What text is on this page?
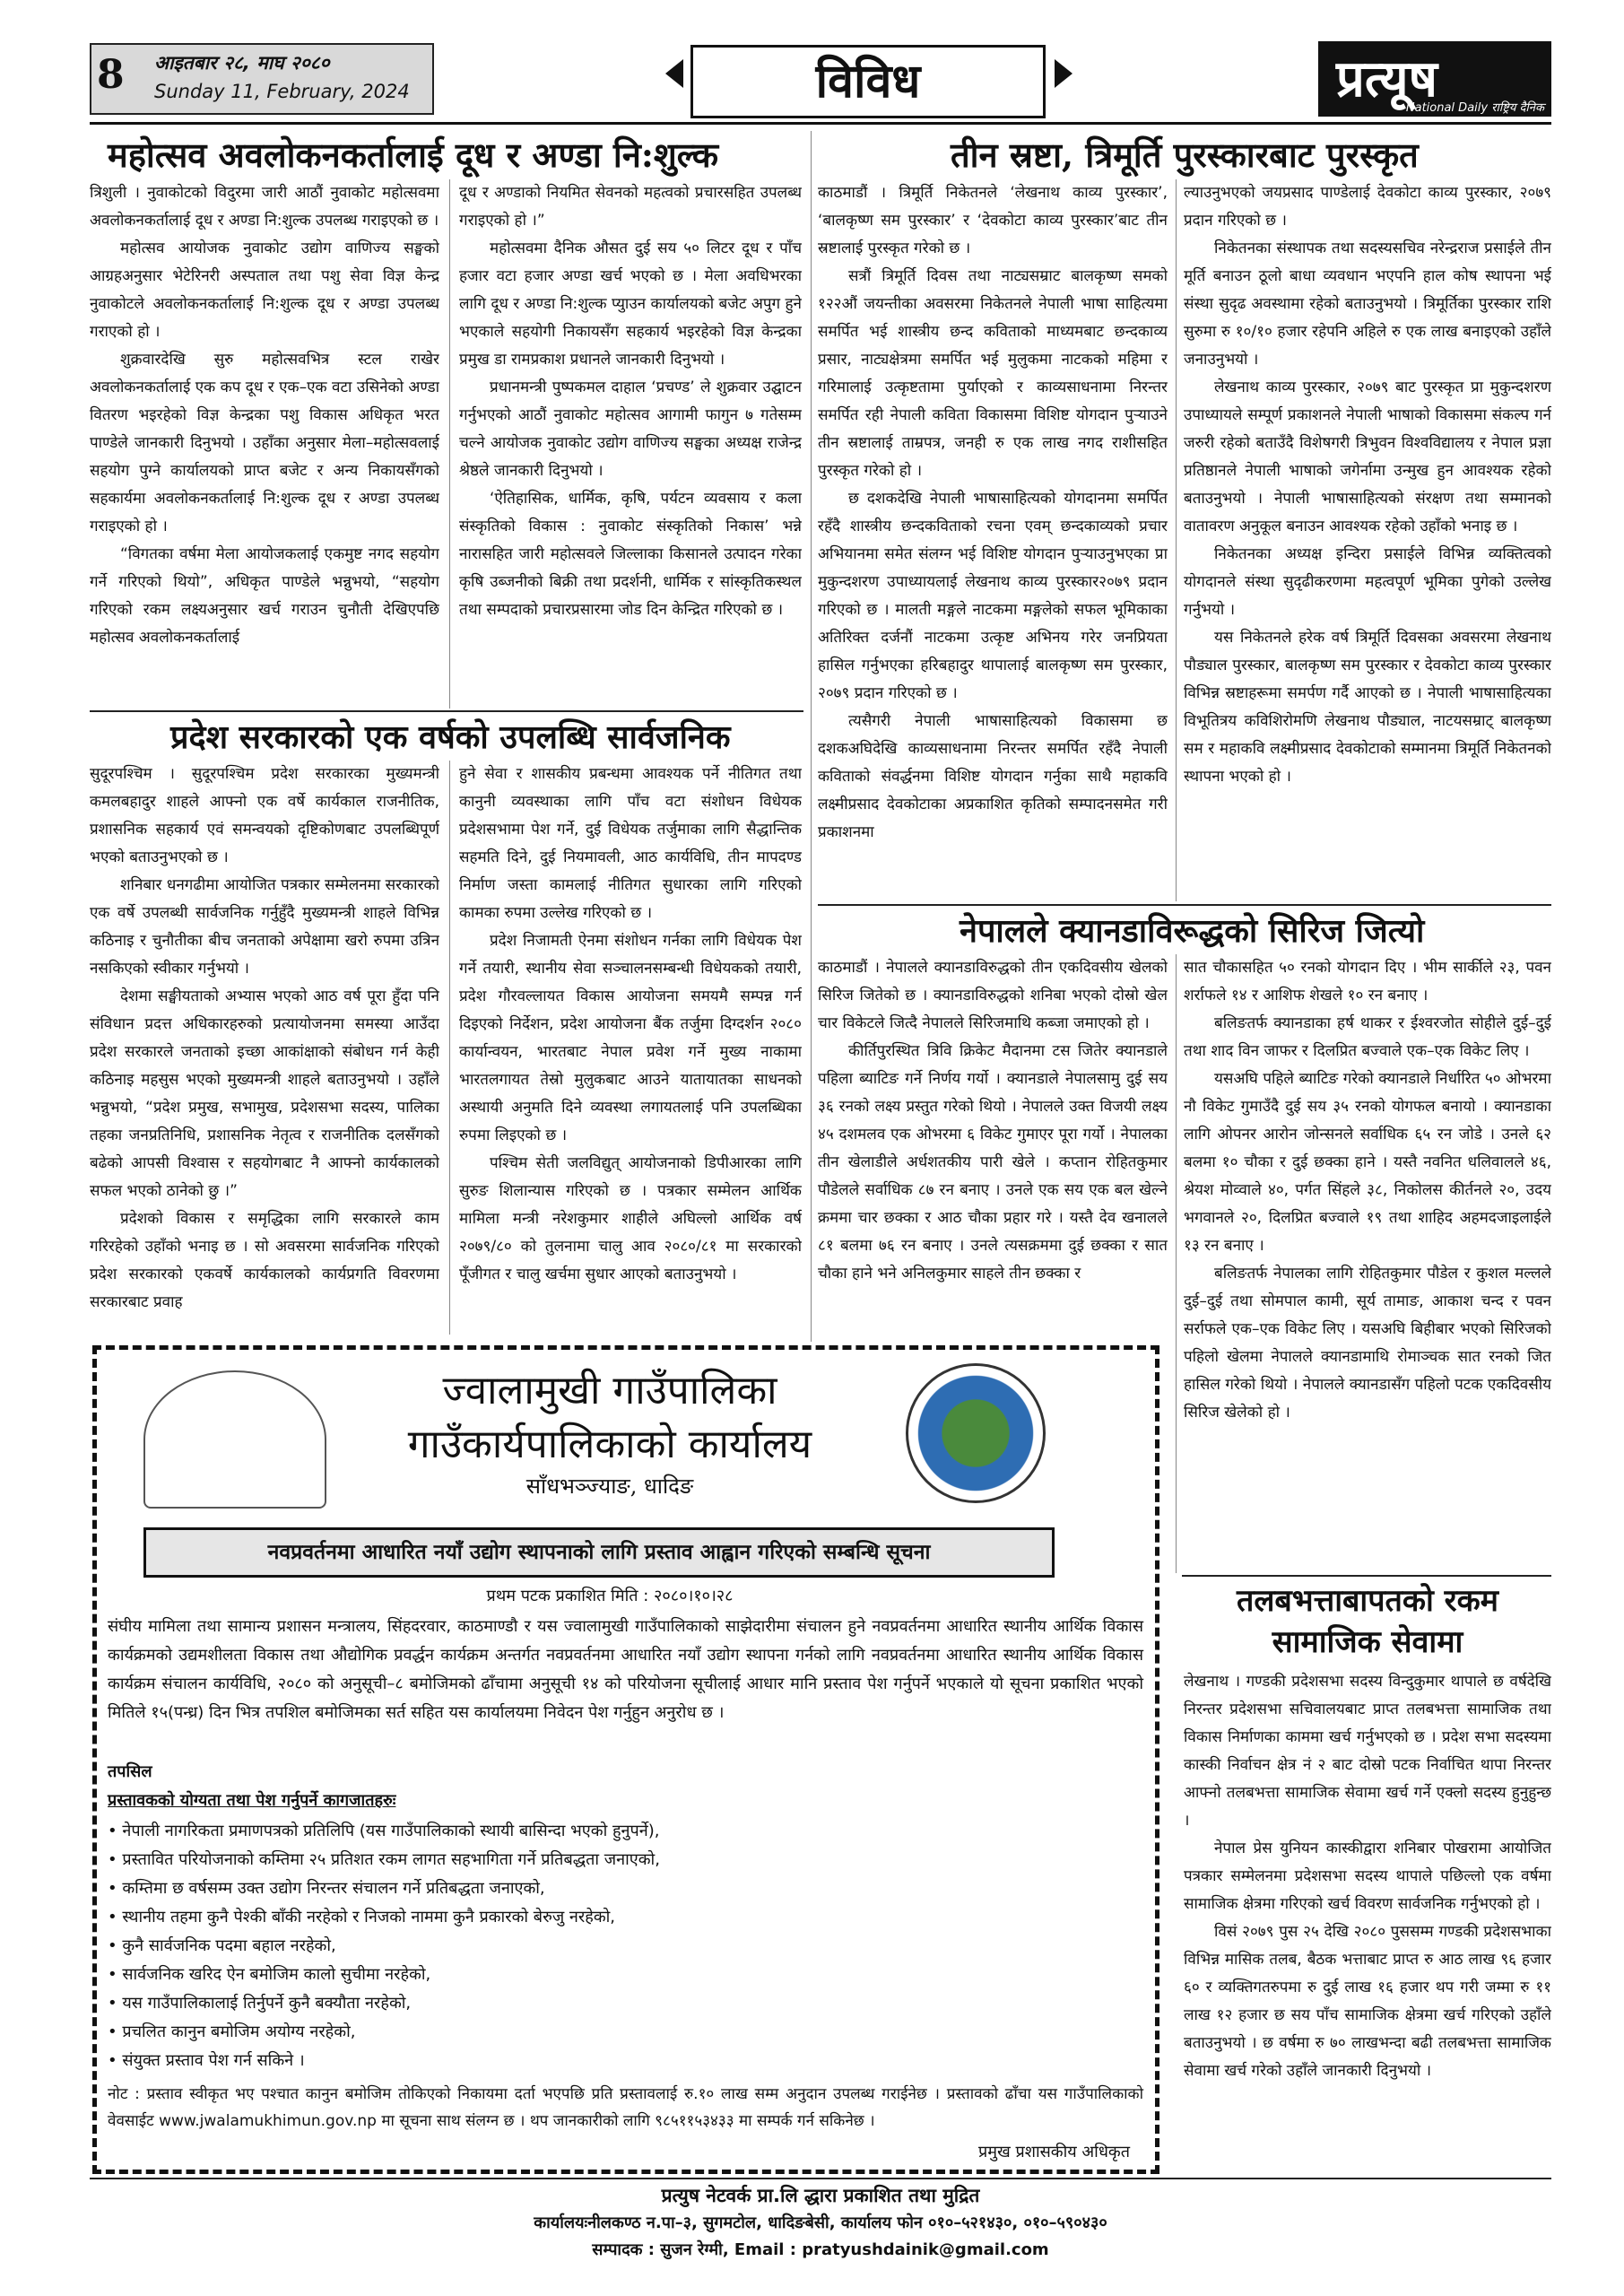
8 आइतबार २८, माघ २०८०
Sunday 11, February, 2024	विविध	प्रत्यूष
National Daily राष्ट्रिय दैनिक
महोत्सव अवलोकनकर्तालाई दूध र अण्डा नि:शुल्क

त्रिशुली । नुवाकोटको विदुरमा जारी आठौं नुवाकोट महोत्सवमा अवलोकनकर्तालाई दूध र अण्डा नि:शुल्क उपलब्ध गराइएको छ ।

महोत्सव आयोजक नुवाकोट उद्योग वाणिज्य सङ्घको आग्रहअनुसार भेटेरिनरी अस्पताल तथा पशु सेवा विज्ञ केन्द्र नुवाकोटले अवलोकनकर्तालाई नि:शुल्क दूध र अण्डा उपलब्ध गराएको हो ।

शुक्रवारदेखि सुरु महोत्सवभित्र स्टल राखेर अवलोकनकर्तालाई एक कप दूध र एक–एक वटा उसिनेको अण्डा वितरण भइरहेको विज्ञ केन्द्रका पशु विकास अधिकृत भरत पाण्डेले जानकारी दिनुभयो । उहाँका अनुसार मेला–महोत्सवलाई सहयोग पुग्ने कार्यालयको प्राप्त बजेट र अन्य निकायसँगको सहकार्यमा अवलोकनकर्तालाई नि:शुल्क दूध र अण्डा उपलब्ध गराइएको हो ।

“विगतका वर्षमा मेला आयोजकलाई एकमुष्ट नगद सहयोग गर्ने गरिएको थियो”, अधिकृत पाण्डेले भन्नुभयो, “सहयोग गरिएको रकम लक्ष्यअनुसार खर्च गराउन चुनौती देखिएपछि महोत्सव अवलोकनकर्तालाई

दूध र अण्डाको नियमित सेवनको महत्वको प्रचारसहित उपलब्ध गराइएको हो ।”

महोत्सवमा दैनिक औसत दुई सय ५० लिटर दूध र पाँच हजार वटा हजार अण्डा खर्च भएको छ । मेला अवधिभरका लागि दूध र अण्डा नि:शुल्क प्युाउन कार्यालयको बजेट अपुग हुने भएकाले सहयोगी निकायसँग सहकार्य भइरहेको विज्ञ केन्द्रका प्रमुख डा रामप्रकाश प्रधानले जानकारी दिनुभयो ।

प्रधानमन्त्री पुष्पकमल दाहाल ‘प्रचण्ड’ ले शुक्रवार उद्घाटन गर्नुभएको आठौं नुवाकोट महोत्सव आगामी फागुन ७ गतेसम्म चल्ने आयोजक नुवाकोट उद्योग वाणिज्य सङ्घका अध्यक्ष राजेन्द्र श्रेष्ठले जानकारी दिनुभयो ।

‘ऐतिहासिक, धार्मिक, कृषि, पर्यटन व्यवसाय र कला संस्कृतिको विकास : नुवाकोट संस्कृतिको निकास’ भन्ने नारासहित जारी महोत्सवले जिल्लाका किसानले उत्पादन गरेका कृषि उब्जनीको बिक्री तथा प्रदर्शनी, धार्मिक र सांस्कृतिकस्थल तथा सम्पदाको प्रचारप्रसारमा जोड दिन केन्द्रित गरिएको छ ।

प्रदेश सरकारको एक वर्षको उपलब्धि सार्वजनिक

सुदूरपश्चिम । सुदूरपश्चिम प्रदेश सरकारका मुख्यमन्त्री कमलबहादुर शाहले आफ्नो एक वर्षे कार्यकाल राजनीतिक, प्रशासनिक सहकार्य एवं समन्वयको दृष्टिकोणबाट उपलब्धिपूर्ण भएको बताउनुभएको छ ।

शनिबार धनगढीमा आयोजित पत्रकार सम्मेलनमा सरकारको एक वर्षे उपलब्धी सार्वजनिक गर्नुहुँदै मुख्यमन्त्री शाहले विभिन्न कठिनाइ र चुनौतीका बीच जनताको अपेक्षामा खरो रुपमा उत्रिन नसकिएको स्वीकार गर्नुभयो ।

देशमा सङ्घीयताको अभ्यास भएको आठ वर्ष पूरा हुँदा पनि संविधान प्रदत्त अधिकारहरुको प्रत्यायोजनमा समस्या आउँदा प्रदेश सरकारले जनताको इच्छा आकांक्षाको संबोधन गर्न केही कठिनाइ महसुस भएको मुख्यमन्त्री शाहले बताउनुभयो । उहाँले भन्नुभयो, “प्रदेश प्रमुख, सभामुख, प्रदेशसभा सदस्य, पालिका तहका जनप्रतिनिधि, प्रशासनिक नेतृत्व र राजनीतिक दलसँगको बढेको आपसी विश्वास र सहयोगबाट नै आफ्नो कार्यकालको सफल भएको ठानेको छु ।”

प्रदेशको विकास र समृद्धिका लागि सरकारले काम गरिरहेको उहाँको भनाइ छ । सो अवसरमा सार्वजनिक गरिएको प्रदेश सरकारको एकवर्षे कार्यकालको कार्यप्रगति विवरणमा सरकारबाट प्रवाह

हुने सेवा र शासकीय प्रबन्धमा आवश्यक पर्ने नीतिगत तथा कानुनी व्यवस्थाका लागि पाँच वटा संशोधन विधेयक प्रदेशसभामा पेश गर्ने, दुई विधेयक तर्जुमाका लागि सैद्धान्तिक सहमति दिने, दुई नियमावली, आठ कार्यविधि, तीन मापदण्ड निर्माण जस्ता कामलाई नीतिगत सुधारका लागि गरिएको कामका रुपमा उल्लेख गरिएको छ ।

प्रदेश निजामती ऐनमा संशोधन गर्नका लागि विधेयक पेश गर्ने तयारी, स्थानीय सेवा सञ्चालनसम्बन्धी विधेयकको तयारी, प्रदेश गौरवल्लायत विकास आयोजना समयमै सम्पन्न गर्न दिइएको निर्देशन, प्रदेश आयोजना बैंक तर्जुमा दिग्दर्शन २०८० कार्यान्वयन, भारतबाट नेपाल प्रवेश गर्ने मुख्य नाकामा भारतलगायत तेस्रो मुलुकबाट आउने यातायातका साधनको अस्थायी अनुमति दिने व्यवस्था लगायतलाई पनि उपलब्धिका रुपमा लिइएको छ ।

पश्चिम सेती जलविद्युत् आयोजनाको डिपीआरका लागि सुरुङ शिलान्यास गरिएको छ । पत्रकार सम्मेलन आर्थिक मामिला मन्त्री नरेशकुमार शाहीले अघिल्लो आर्थिक वर्ष २०७९/८० को तुलनामा चालु आव २०८०/८१ मा सरकारको पूँजीगत र चालु खर्चमा सुधार आएको बताउनुभयो ।

तीन स्रष्टा, त्रिमूर्ति पुरस्कारबाट पुरस्कृत

काठमाडौं । त्रिमूर्ति निकेतनले ‘लेखनाथ काव्य पुरस्कार’, ‘बालकृष्ण सम पुरस्कार’ र ‘देवकोटा काव्य पुरस्कार’बाट तीन स्रष्टालाई पुरस्कृत गरेको छ ।

सत्रौं त्रिमूर्ति दिवस तथा नाट्यसम्राट बालकृष्ण समको १२२औं जयन्तीका अवसरमा निकेतनले नेपाली भाषा साहित्यमा समर्पित भई शास्त्रीय छन्द कविताको माध्यमबाट छन्दकाव्य प्रसार, नाट्यक्षेत्रमा समर्पित भई मुलुकमा नाटकको महिमा र गरिमालाई उत्कृष्टतामा पुर्याएको र काव्यसाधनामा निरन्तर समर्पित रही नेपाली कविता विकासमा विशिष्ट योगदान पुऱ्याउने तीन स्रष्टालाई ताम्रपत्र, जनही रु एक लाख नगद राशीसहित पुरस्कृत गरेको हो ।

छ दशकदेखि नेपाली भाषासाहित्यको योगदानमा समर्पित रहँदै शास्त्रीय छन्दकविताको रचना एवम् छन्दकाव्यको प्रचार अभियानमा समेत संलग्न भई विशिष्ट योगदान पुऱ्याउनुभएका प्रा मुकुन्दशरण उपाध्यायलाई लेखनाथ काव्य पुरस्कार२०७९ प्रदान गरिएको छ । मालती मङ्गले नाटकमा मङ्गलेको सफल भूमिकाका अतिरिक्त दर्जनौं नाटकमा उत्कृष्ट अभिनय गरेर जनप्रियता हासिल गर्नुभएका हरिबहादुर थापालाई बालकृष्ण सम पुरस्कार, २०७९ प्रदान गरिएको छ ।

त्यसैगरी नेपाली भाषासाहित्यको विकासमा छ दशकअघिदेखि काव्यसाधनामा निरन्तर समर्पित रहँदै नेपाली कविताको संवर्द्धनमा विशिष्ट योगदान गर्नुका साथै महाकवि लक्ष्मीप्रसाद देवकोटाका अप्रकाशित कृतिको सम्पादनसमेत गरी प्रकाशनमा

ल्याउनुभएको जयप्रसाद पाण्डेलाई देवकोटा काव्य पुरस्कार, २०७९ प्रदान गरिएको छ ।

निकेतनका संस्थापक तथा सदस्यसचिव नरेन्द्रराज प्रसाईले तीन मूर्ति बनाउन ठूलो बाधा व्यवधान भएपनि हाल कोष स्थापना भई संस्था सुदृढ अवस्थामा रहेको बताउनुभयो । त्रिमूर्तिका पुरस्कार राशि सुरुमा रु १०/१० हजार रहेपनि अहिले रु एक लाख बनाइएको उहाँले जनाउनुभयो ।

लेखनाथ काव्य पुरस्कार, २०७९ बाट पुरस्कृत प्रा मुकुन्दशरण उपाध्यायले सम्पूर्ण प्रकाशनले नेपाली भाषाको विकासमा संकल्प गर्न जरुरी रहेको बताउँदै विशेषगरी त्रिभुवन विश्वविद्यालय र नेपाल प्रज्ञा प्रतिष्ठानले नेपाली भाषाको जगेर्नामा उन्मुख हुन आवश्यक रहेको बताउनुभयो । नेपाली भाषासाहित्यको संरक्षण तथा सम्मानको वातावरण अनुकूल बनाउन आवश्यक रहेको उहाँको भनाइ छ ।

निकेतनका अध्यक्ष इन्दिरा प्रसाईले विभिन्न व्यक्तित्वको योगदानले संस्था सुदृढीकरणमा महत्वपूर्ण भूमिका पुगेको उल्लेख गर्नुभयो ।

यस निकेतनले हरेक वर्ष त्रिमूर्ति दिवसका अवसरमा लेखनाथ पौड्याल पुरस्कार, बालकृष्ण सम पुरस्कार र देवकोटा काव्य पुरस्कार विभिन्न स्रष्टाहरूमा समर्पण गर्दै आएको छ । नेपाली भाषासाहित्यका विभूतित्रय कविशिरोमणि लेखनाथ पौड्याल, नाटयसम्राट् बालकृष्ण सम र महाकवि लक्ष्मीप्रसाद देवकोटाको सम्मानमा त्रिमूर्ति निकेतनको स्थापना भएको हो ।

नेपालले क्यानडाविरूद्धको सिरिज जित्यो

काठमाडौं । नेपालले क्यानडाविरुद्धको तीन एकदिवसीय खेलको सिरिज जितेको छ । क्यानडाविरुद्धको शनिबा भएको दोस्रो खेल चार विकेटले जित्दै नेपालले सिरिजमाथि कब्जा जमाएको हो ।

कीर्तिपुरस्थित त्रिवि क्रिकेट मैदानमा टस जितेर क्यानडाले पहिला ब्याटिङ गर्ने निर्णय गर्यो । क्यानडाले नेपालसामु दुई सय ३६ रनको लक्ष्य प्रस्तुत गरेको थियो । नेपालले उक्त विजयी लक्ष्य ४५ दशमलव एक ओभरमा ६ विकेट गुमाएर पूरा गर्यो । नेपालका तीन खेलाडीले अर्धशतकीय पारी खेले । कप्तान रोहितकुमार पौडेलले सर्वाधिक ८७ रन बनाए । उनले एक सय एक बल खेल्ने क्रममा चार छक्का र आठ चौका प्रहार गरे । यस्तै देव खनालले ८१ बलमा ७६ रन बनाए । उनले त्यसक्रममा दुई छक्का र सात चौका हाने भने अनिलकुमार साहले तीन छक्का र

सात चौकासहित ५० रनको योगदान दिए । भीम सार्कीले २३, पवन शर्राफले १४ र आशिफ शेखले १० रन बनाए ।

बलिङतर्फ क्यानडाका हर्ष थाकर र ईश्वरजोत सोहीले दुई–दुई तथा शाद विन जाफर र दिलप्रित बज्वाले एक–एक विकेट लिए ।

यसअघि पहिले ब्याटिङ गरेको क्यानडाले निर्धारित ५० ओभरमा नौ विकेट गुमाउँदै दुई सय ३५ रनको योगफल बनायो । क्यानडाका लागि ओपनर आरोन जोन्सनले सर्वाधिक ६५ रन जोडे । उनले ६२ बलमा १० चौका र दुई छक्का हाने । यस्तै नवनित धलिवालले ४६, श्रेयश मोव्वाले ४०, पर्गत सिंहले ३८, निकोलस कीर्तनले २०, उदय भगवानले २०, दिलप्रित बज्वाले १९ तथा शाहिद अहमदजाइलाईले १३ रन बनाए ।

बलिङतर्फ नेपालका लागि रोहितकुमार पौडेल र कुशल मल्लले दुई–दुई तथा सोमपाल कामी, सूर्य तामाङ, आकाश चन्द र पवन सर्राफले एक–एक विकेट लिए । यसअघि बिहीबार भएको सिरिजको पहिलो खेलमा नेपालले क्यानडामाथि रोमाञ्चक सात रनको जित हासिल गरेको थियो । नेपालले क्यानडासँग पहिलो पटक एकदिवसीय सिरिज खेलेको हो ।

तलबभत्ताबापतको रकम
सामाजिक सेवामा

लेखनाथ । गण्डकी प्रदेशसभा सदस्य विन्दुकुमार थापाले छ वर्षदेखि निरन्तर प्रदेशसभा सचिवालयबाट प्राप्त तलबभत्ता सामाजिक तथा विकास निर्माणका काममा खर्च गर्नुभएको छ । प्रदेश सभा सदस्यमा कास्की निर्वाचन क्षेत्र नं २ बाट दोस्रो पटक निर्वाचित थापा निरन्तर आफ्नो तलबभत्ता सामाजिक सेवामा खर्च गर्ने एक्लो सदस्य हुनुहुन्छ ।

नेपाल प्रेस युनियन कास्कीद्वारा शनिबार पोखरामा आयोजित पत्रकार सम्मेलनमा प्रदेशसभा सदस्य थापाले पछिल्लो एक वर्षमा सामाजिक क्षेत्रमा गरिएको खर्च विवरण सार्वजनिक गर्नुभएको हो ।

विसं २०७९ पुस २५ देखि २०८० पुससम्म गण्डकी प्रदेशसभाका विभिन्न मासिक तलब, बैठक भत्ताबाट प्राप्त रु आठ लाख ९६ हजार ६० र व्यक्तिगतरुपमा रु दुई लाख १६ हजार थप गरी जम्मा रु ११ लाख १२ हजार छ सय पाँच सामाजिक क्षेत्रमा खर्च गरिएको उहाँले बताउनुभयो । छ वर्षमा रु ७० लाखभन्दा बढी तलबभत्ता सामाजिक सेवामा खर्च गरेको उहाँले जानकारी दिनुभयो ।

ज्वालामुखी गाउँपालिका
गाउँकार्यपालिकाको कार्यालय
साँधभञ्ज्याङ, धादिङ
नवप्रवर्तनमा आधारित नयाँ उद्योग स्थापनाको लागि प्रस्ताव आह्वान गरिएको सम्बन्धि सूचना
प्रथम पटक प्रकाशित मिति : २०८०।१०।२८
संघीय मामिला तथा सामान्य प्रशासन मन्त्रालय, सिंहदरवार, काठमाण्डौ र यस ज्वालामुखी गाउँपालिकाको साझेदारीमा संचालन हुने नवप्रवर्तनमा आधारित स्थानीय आर्थिक विकास कार्यक्रमको उद्यमशीलता विकास तथा औद्योगिक प्रवर्द्धन कार्यक्रम अन्तर्गत नवप्रवर्तनमा आधारित नयाँ उद्योग स्थापना गर्नको लागि नवप्रवर्तनमा आधारित स्थानीय आर्थिक विकास कार्यक्रम संचालन कार्यविधि, २०८० को अनुसूची–८ बमोजिमको ढाँचामा अनुसूची १४ को परियोजना सूचीलाई आधार मानि प्रस्ताव पेश गर्नुपर्ने भएकाले यो सूचना प्रकाशित भएको मितिले १५(पन्ध्र) दिन भित्र तपशिल बमोजिमका सर्त सहित यस कार्यालयमा निवेदन पेश गर्नुहुन अनुरोध छ ।
तपसिल
प्रस्तावकको योग्यता तथा पेश गर्नुपर्ने कागजातहरुः
• नेपाली नागरिकता प्रमाणपत्रको प्रतिलिपि (यस गाउँपालिकाको स्थायी बासिन्दा भएको हुनुपर्ने),
• प्रस्तावित परियोजनाको कम्तिमा २५ प्रतिशत रकम लागत सहभागिता गर्ने प्रतिबद्धता जनाएको,
• कम्तिमा छ वर्षसम्म उक्त उद्योग निरन्तर संचालन गर्ने प्रतिबद्धता जनाएको,
• स्थानीय तहमा कुनै पेश्की बाँकी नरहेको र निजको नाममा कुनै प्रकारको बेरुजु नरहेको,
• कुनै सार्वजनिक पदमा बहाल नरहेको,
• सार्वजनिक खरिद ऐन बमोजिम कालो सुचीमा नरहेको,
• यस गाउँपालिकालाई तिर्नुपर्ने कुनै बक्यौता नरहेको,
• प्रचलित कानुन बमोजिम अयोग्य नरहेको,
• संयुक्त प्रस्ताव पेश गर्न सकिने ।
नोट : प्रस्ताव स्वीकृत भए पश्चात कानुन बमोजिम तोकिएको निकायमा दर्ता भएपछि प्रति प्रस्तावलाई रु.१० लाख सम्म अनुदान उपलब्ध गराईनेछ । प्रस्तावको ढाँचा यस गाउँपालिकाको वेवसाईट www.jwalamukhimun.gov.np मा सूचना साथ संलग्न छ । थप जानकारीको लागि ९८५११५३४३३ मा सम्पर्क गर्न सकिनेछ ।
प्रमुख प्रशासकीय अधिकृत
प्रत्युष नेटवर्क प्रा.लि द्धारा प्रकाशित तथा मुद्रित
कार्यालयःनीलकण्ठ न.पा–३, सुगमटोल, धादिङबेसी, कार्यालय फोन ०१०–५२१४३०, ०१०–५९०४३०
सम्पादक : सुजन रेग्मी, Email : pratyushdainik@gmail.com
